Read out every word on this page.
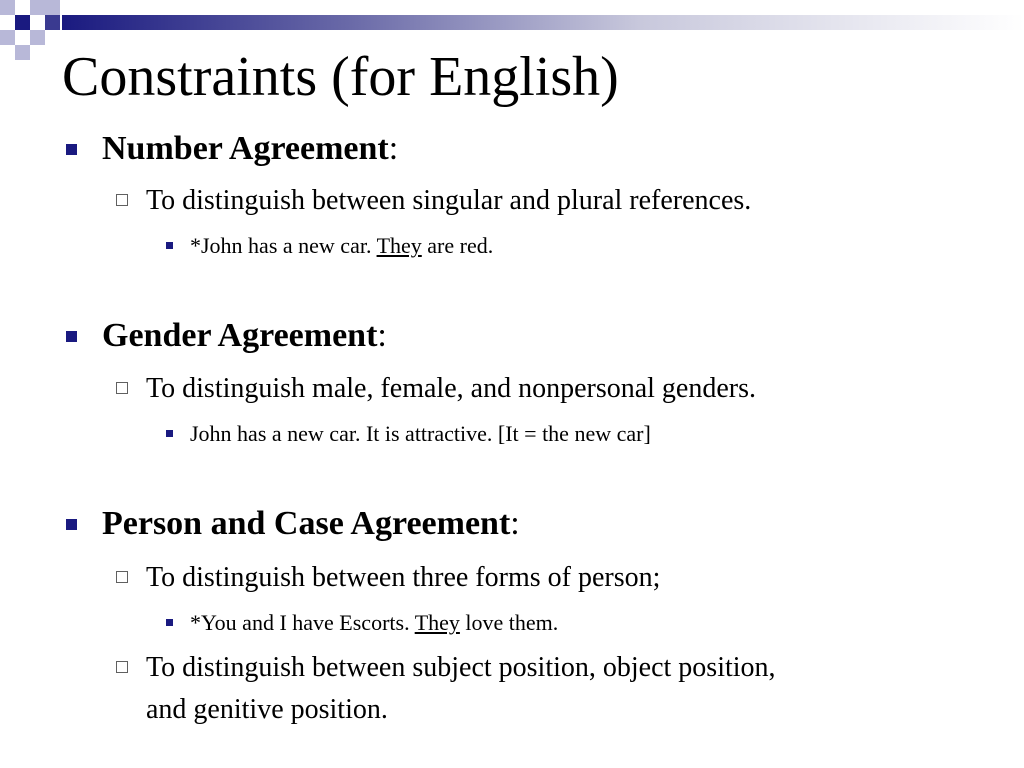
Constraints (for English)
Number Agreement:
To distinguish between singular and plural references.
*John has a new car. They are red.
Gender Agreement:
To distinguish male, female, and nonpersonal genders.
John has a new car. It is attractive. [It = the new car]
Person and Case Agreement:
To distinguish between three forms of person;
*You and I have Escorts. They love them.
To distinguish between subject position, object position,
and genitive position.
